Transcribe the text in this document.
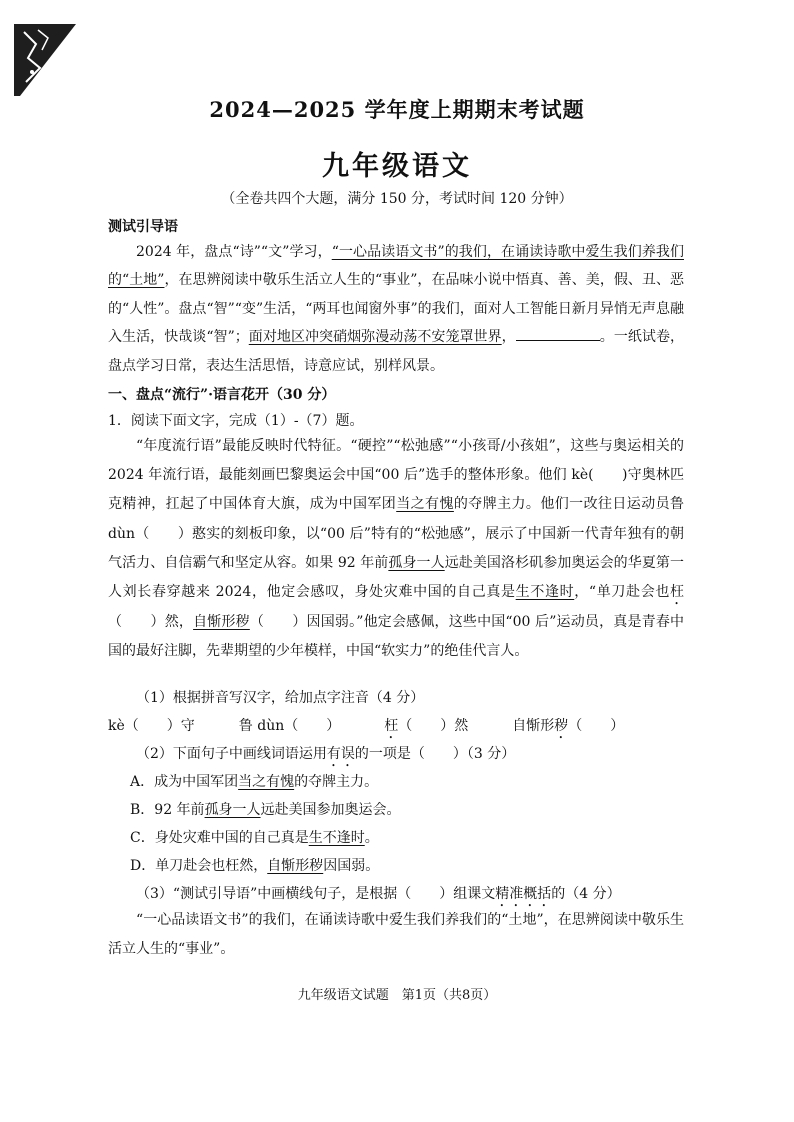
2024—2025 学年度上期期末考试题
九年级语文
（全卷共四个大题，满分 150 分，考试时间 120 分钟）
测试引导语
2024 年，盘点“诗”“文”学习，“一心品读语文书”的我们，在诵读诗歌中爱生我们养我们的“土地”，在思辨阅读中敬乐生活立人生的“事业”，在品味小说中悟真、善、美，假、丑、恶的“人性”。盘点“智”“变”生活，“两耳也闻窗外事”的我们，面对人工智能日新月异悄无声息融入生活，快哉谈“智”；面对地区冲突硝烟弥漫动荡不安笼罩世界，	。一纸试卷，盘点学习日常，表达生活思悟，诗意应试，别样风景。
一、盘点“流行”·语言花开（30 分）
1．阅读下面文字，完成（1）-（7）题。
“年度流行语”最能反映时代特征。“硬控”“松弛感”“小孩哥/小孩姐”，这些与奥运相关的 2024 年流行语，最能刻画巴黎奥运会中国“00 后”选手的整体形象。他们 kè(　　)守奥林匹克精神，扛起了中国体育大旗，成为中国军团当之有愧的夺牌主力。他们一改往日运动员鲁 dùn（　　）憨实的刻板印象，以“00 后”特有的“松弛感”，展示了中国新一代青年独有的朝气活力、自信霸气和坚定从容。如果 92 年前孤身一人远赴美国洛杉矶参加奥运会的华夏第一人刘长春穿越来 2024，他定会感叹，身处灾难中国的自己真是生不逢时，“单刀赴会也枉（　　）然，自惭形秽（　　）因国弱。”他定会感佩，这些中国“00 后”运动员，真是青春中国的最好注脚，先辈期望的少年模样，中国“软实力”的绝佳代言人。
（1）根据拼音写汉字，给加点字注音（4 分）
kè（　　）守	鲁 dùn（　　）	枉（　　）然	自惭形秽（　　）
（2）下面句子中画线词语运用有误的一项是（　　）（3 分）
A．成为中国军团当之有愧的夺牌主力。
B．92 年前孤身一人远赴美国参加奥运会。
C．身处灾难中国的自己真是生不逢时。
D．单刀赴会也枉然，自惭形秽因国弱。
（3）“测试引导语”中画横线句子，是根据（　　）组课文精准概括的（4 分）
“一心品读语文书”的我们，在诵读诗歌中爱生我们养我们的“土地”，在思辨阅读中敬乐生活立人生的“事业”。
九年级语文试题　第1页（共8页）
